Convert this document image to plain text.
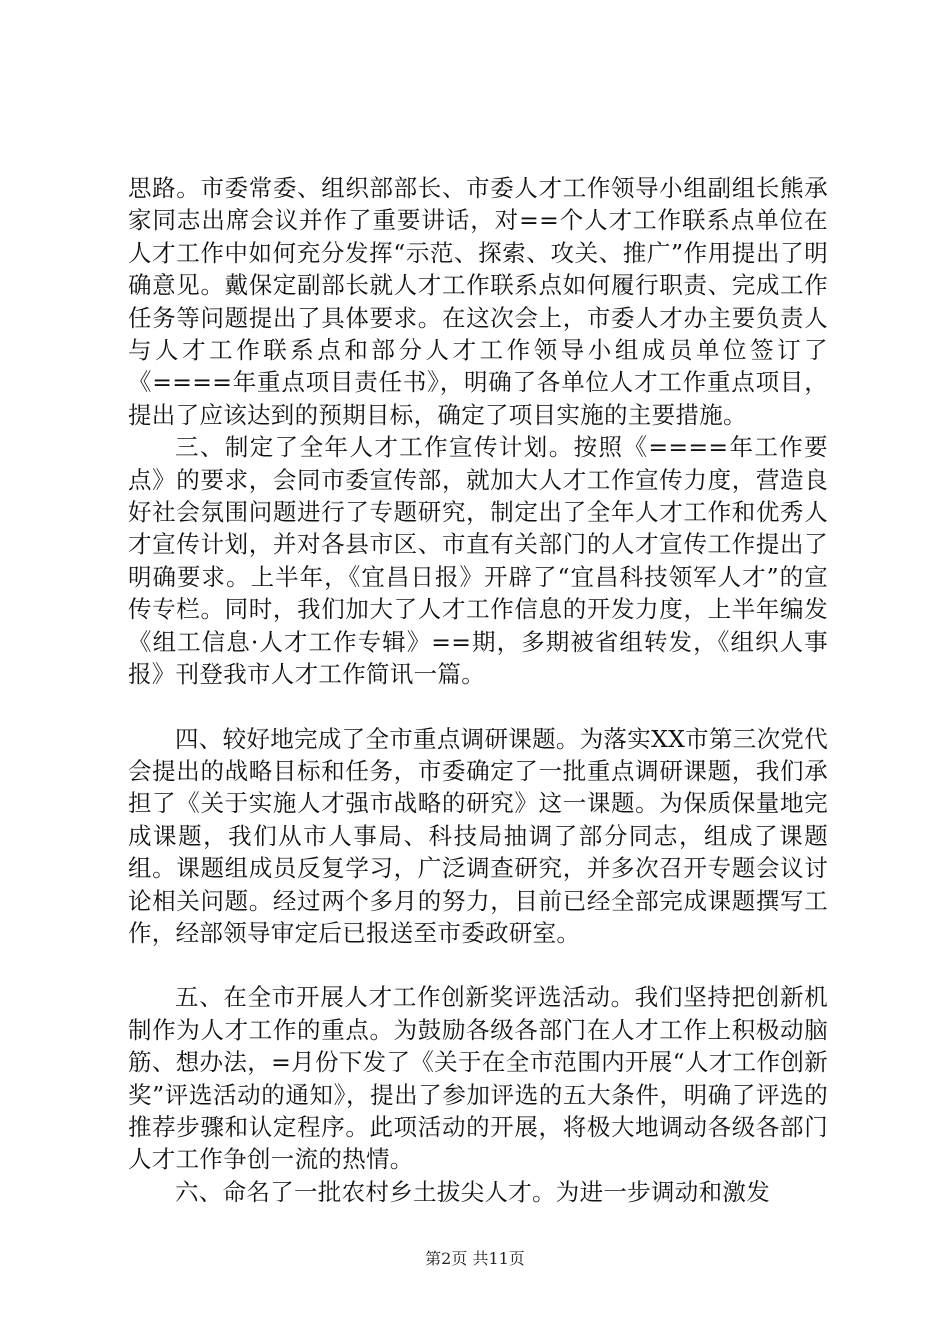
思路。市委常委、组织部部长、市委人才工作领导小组副组长熊承家同志出席会议并作了重要讲话，对==个人才工作联系点单位在人才工作中如何充分发挥“示范、探索、攻关、推广”作用提出了明确意见。戴保定副部长就人才工作联系点如何履行职责、完成工作任务等问题提出了具体要求。在这次会上，市委人才办主要负责人与人才工作联系点和部分人才工作领导小组成员单位签订了《====年重点项目责任书》，明确了各单位人才工作重点项目，提出了应该达到的预期目标，确定了项目实施的主要措施。

三、制定了全年人才工作宣传计划。按照《====年工作要点》的要求，会同市委宣传部，就加大人才工作宣传力度，营造良好社会氛围问题进行了专题研究，制定出了全年人才工作和优秀人才宣传计划，并对各县市区、市直有关部门的人才宣传工作提出了明确要求。上半年，《宜昌日报》开辟了“宜昌科技领军人才”的宣传专栏。同时，我们加大了人才工作信息的开发力度，上半年编发《组工信息·人才工作专辑》==期，多期被省组转发，《组织人事报》刊登我市人才工作简讯一篇。

四、较好地完成了全市重点调研课题。为落实XX市第三次党代会提出的战略目标和任务，市委确定了一批重点调研课题，我们承担了《关于实施人才强市战略的研究》这一课题。为保质保量地完成课题，我们从市人事局、科技局抽调了部分同志，组成了课题组。课题组成员反复学习，广泛调查研究，并多次召开专题会议讨论相关问题。经过两个多月的努力，目前已经全部完成课题撰写工作，经部领导审定后已报送至市委政研室。

五、在全市开展人才工作创新奖评选活动。我们坚持把创新机制作为人才工作的重点。为鼓励各级各部门在人才工作上积极动脑筋、想办法，=月份下发了《关于在全市范围内开展“人才工作创新奖”评选活动的通知》，提出了参加评选的五大条件，明确了评选的推荐步骤和认定程序。此项活动的开展，将极大地调动各级各部门人才工作争创一流的热情。

六、命名了一批农村乡土拔尖人才。为进一步调动和激发

第2页 共11页
